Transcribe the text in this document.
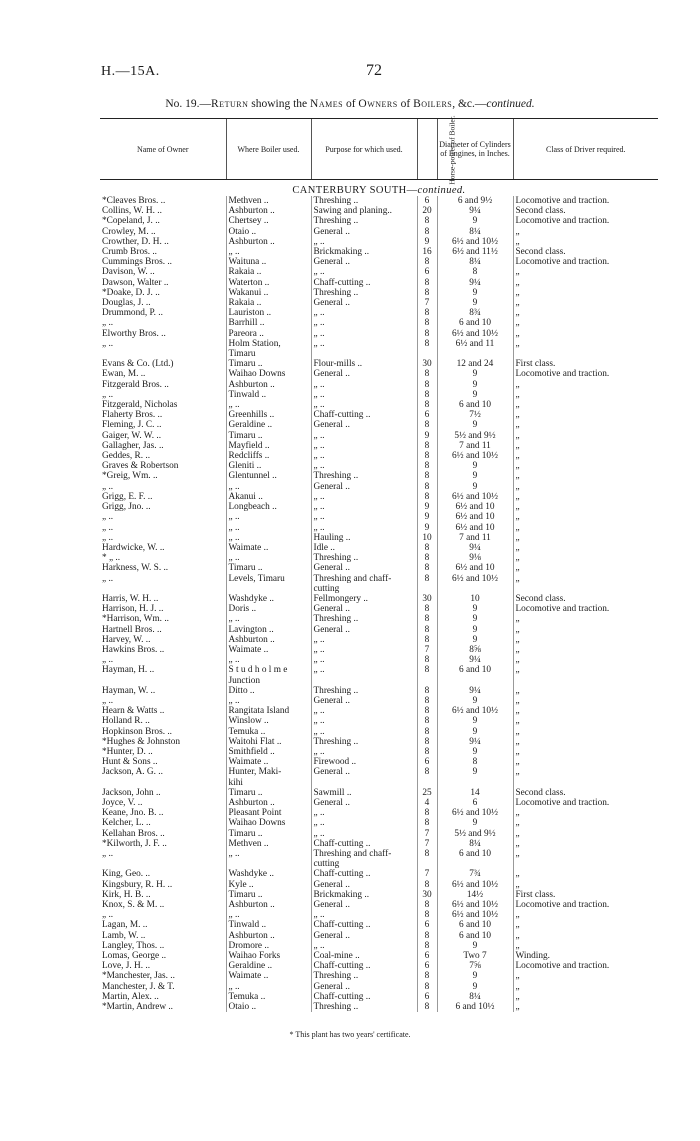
H.—15A.	72
No. 19.—Return showing the Names of Owners of Boilers, &c.—continued.
Name of Owner	Where Boiler used.	Purpose for which used.	Horse-power of Boiler.	Diameter of Cylinders of Engines, in Inches.	Class of Driver required.
CANTERBURY SOUTH—continued.					
*Cleaves Bros. ..	Methven ..	Threshing ..	6	6 and 9½	Locomotive and traction.
Collins, W. H. ..	Ashburton ..	Sawing and planing..	20	9¼	Second class.
*Copeland, J. ..	Chertsey ..	Threshing ..	8	9	Locomotive and traction.
Crowley, M. ..	Otaio ..	General ..	8	8¼	„
Crowther, D. H. ..	Ashburton ..	„ ..	9	6½ and 10½	„
Crumb Bros. ..	„ ..	Brickmaking ..	16	6½ and 11½	Second class.
Cummings Bros. ..	Waituna ..	General ..	8	8¼	Locomotive and traction.
Davison, W. ..	Rakaia ..	„ ..	6	8	„
Dawson, Walter ..	Waterton ..	Chaff-cutting ..	8	9¼	„
*Doake, D. J. ..	Wakanui ..	Threshing ..	8	9	„
Douglas, J. ..	Rakaia ..	General ..	7	9	„
Drummond, P. ..	Lauriston ..	„ ..	8	8¾	„
„ ..	Barrhill ..	„ ..	8	6 and 10	„
Elworthy Bros. ..	Pareora ..	„ ..	8	6½ and 10½	„
„ ..	Holm Station,	„ ..	8	6½ and 11	„
	Timaru				
Evans & Co. (Ltd.)	Timaru ..	Flour-mills ..	30	12 and 24	First class.
Ewan, M. ..	Waihao Downs	General ..	8	9	Locomotive and traction.
Fitzgerald Bros. ..	Ashburton ..	„ ..	8	9	„
„ ..	Tinwald ..	„ ..	8	9	„
Fitzgerald, Nicholas	„ ..	„ ..	8	6 and 10	„
Flaherty Bros. ..	Greenhills ..	Chaff-cutting ..	6	7½	„
Fleming, J. C. ..	Geraldine ..	General ..	8	9	„
Gaiger, W. W. ..	Timaru ..	„ ..	9	5½ and 9½	„
Gallagher, Jas. ..	Mayfield ..	„ ..	8	7 and 11	„
Geddes, R. ..	Redcliffs ..	„ ..	8	6½ and 10½	„
Graves & Robertson	Gleniti ..	„ ..	8	9	„
*Greig, Wm. ..	Glentunnel ..	Threshing ..	8	9	„
„ ..	„ ..	General ..	8	9	„
Grigg, E. F. ..	Akanui ..	„ ..	8	6½ and 10½	„
Grigg, Jno. ..	Longbeach ..	„ ..	9	6½ and 10	„
„ ..	„ ..	„ ..	9	6½ and 10	„
„ ..	„ ..	„ ..	9	6½ and 10	„
„ ..	„ ..	Hauling ..	10	7 and 11	„
Hardwicke, W. ..	Waimate ..	Idle ..	8	9¼	„
* „ ..	„ ..	Threshing ..	8	9⅛	„
Harkness, W. S. ..	Timaru ..	General ..	8	6½ and 10	„
„ ..	Levels, Timaru	Threshing and chaff-	8	6½ and 10½	„
		cutting			
Harris, W. H. ..	Washdyke ..	Fellmongery ..	30	10	Second class.
Harrison, H. J. ..	Doris ..	General ..	8	9	Locomotive and traction.
*Harrison, Wm. ..	„ ..	Threshing ..	8	9	„
Hartnell Bros. ..	Lavington ..	General ..	8	9	„
Harvey, W. ..	Ashburton ..	„ ..	8	9	„
Hawkins Bros. ..	Waimate ..	„ ..	7	8⅝	„
„ ..	„ ..	„ ..	8	9¼	„
Hayman, H. ..	S t u d h o l m e	„ ..	8	6 and 10	„
	Junction				
Hayman, W. ..	Ditto ..	Threshing ..	8	9¼	„
„ ..	„ ..	General ..	8	9	„
Hearn & Watts ..	Rangitata Island	„ ..	8	6½ and 10½	„
Holland R. ..	Winslow ..	„ ..	8	9	„
Hopkinson Bros. ..	Temuka ..	„ ..	8	9	„
*Hughes & Johnston	Waitohi Flat ..	Threshing ..	8	9¼	„
*Hunter, D. ..	Smithfield ..	„ ..	8	9	„
Hunt & Sons ..	Waimate ..	Firewood ..	6	8	„
Jackson, A. G. ..	Hunter, Maki-	General ..	8	9	„
	kihi				
Jackson, John ..	Timaru ..	Sawmill ..	25	14	Second class.
Joyce, V. ..	Ashburton ..	General ..	4	6	Locomotive and traction.
Keane, Jno. B. ..	Pleasant Point	„ ..	8	6½ and 10½	„
Kelcher, L. ..	Waihao Downs	„ ..	8	9	„
Kellahan Bros. ..	Timaru ..	„ ..	7	5½ and 9½	„
*Kilworth, J. F. ..	Methven ..	Chaff-cutting ..	7	8¼	„
„ ..	„ ..	Threshing and chaff-	8	6 and 10	„
		cutting			
King, Geo. ..	Washdyke ..	Chaff-cutting ..	7	7¾	„
Kingsbury, R. H. ..	Kyle ..	General ..	8	6½ and 10½	„
Kirk, H. B. ..	Timaru ..	Brickmaking ..	30	14½	First class.
Knox, S. & M. ..	Ashburton ..	General ..	8	6½ and 10½	Locomotive and traction.
„ ..	„ ..	„ ..	8	6½ and 10½	„
Lagan, M. ..	Tinwald ..	Chaff-cutting ..	6	6 and 10	„
Lamb, W. ..	Ashburton ..	General ..	8	6 and 10	„
Langley, Thos. ..	Dromore ..	„ ..	8	9	„
Lomas, George ..	Waihao Forks	Coal-mine ..	6	Two 7	Winding.
Love, J. H. ..	Geraldine ..	Chaff-cutting ..	6	7⅝	Locomotive and traction.
*Manchester, Jas. ..	Waimate ..	Threshing ..	8	9	„
Manchester, J. & T.	„ ..	General ..	8	9	„
Martin, Alex. ..	Temuka ..	Chaff-cutting ..	6	8¼	„
*Martin, Andrew ..	Otaio ..	Threshing ..	8	6 and 10½	„
* This plant has two years' certificate.
